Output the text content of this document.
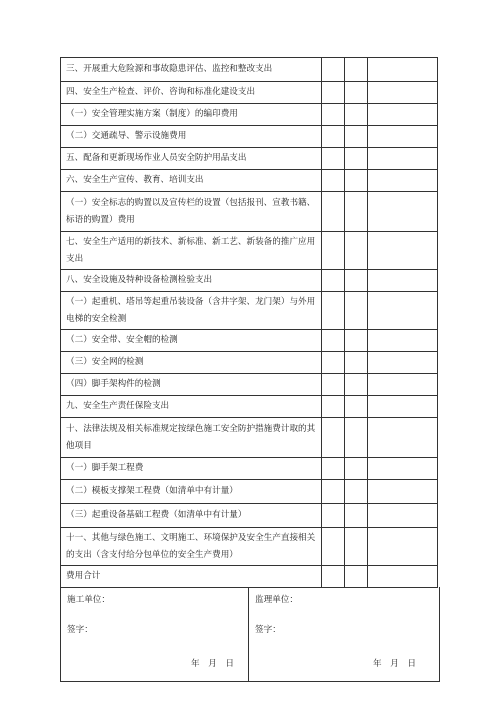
三、开展重大危险源和事故隐患评估、监控和整改支出			
四、安全生产检查、评价、咨询和标准化建设支出			
（一）安全管理实施方案（制度）的编印费用			
（二）交通疏导、警示设施费用			
五、配备和更新现场作业人员安全防护用品支出			
六、安全生产宣传、教育、培训支出			
（一）安全标志的购置以及宣传栏的设置（包括报刊、宣教书籍、标语的购置）费用			
七、安全生产适用的新技术、新标准、新工艺、新装备的推广应用支出			
八、安全设施及特种设备检测检验支出			
（一）起重机、塔吊等起重吊装设备（含井字架、龙门架）与外用电梯的安全检测			
（二）安全带、安全帽的检测			
（三）安全网的检测			
（四）脚手架构件的检测			
九、安全生产责任保险支出			
十、法律法规及相关标准规定按绿色施工安全防护措施费计取的其他项目			
（一）脚手架工程费			
（二）模板支撑架工程费（如清单中有计量）			
（三）起重设备基础工程费（如清单中有计量）			
十一、其他与绿色施工、文明施工、环境保护及安全生产直接相关的支出（含支付给分包单位的安全生产费用）			
费用合计			
施工单位：
签字：
年　月　日
监理单位：
签字：
年　月　日
